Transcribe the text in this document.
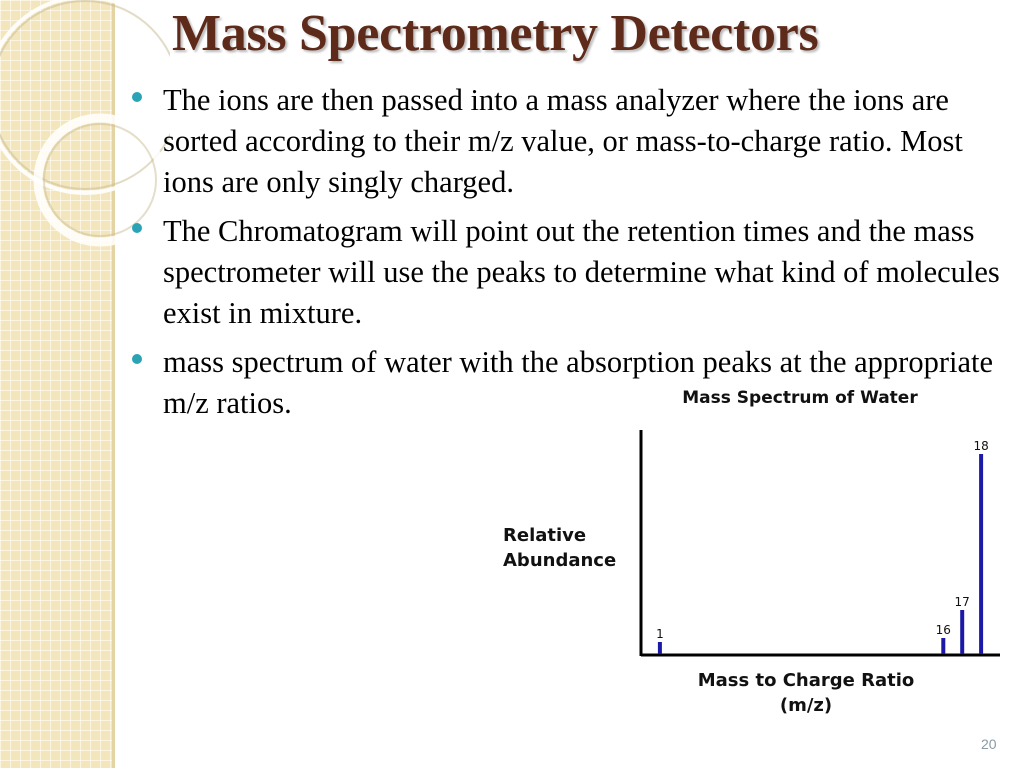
Mass Spectrometry Detectors
The ions are then passed into a mass analyzer where the ions are sorted according to their m/z value, or mass-to-charge ratio. Most ions are only singly charged.
The Chromatogram will point out the retention times and the mass spectrometer will use the peaks to determine what kind of molecules exist in mixture.
mass spectrum of water with the absorption peaks at the appropriate m/z ratios.	Mass Spectrum of Water
Relative
Abundance
1	16
17
18
Mass to Charge Ratio
(m/z)
20
